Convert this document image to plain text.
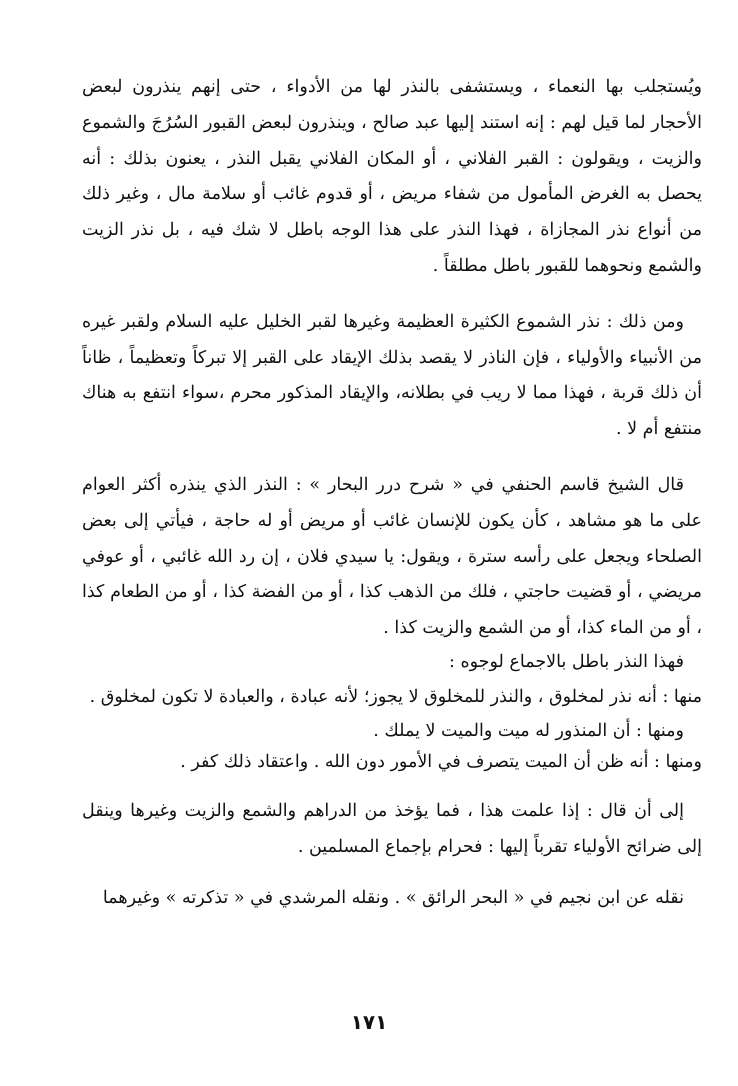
ويُستجلب بها النعماء ، ويستشفى بالنذر لها من الأدواء ، حتى إنهم ينذرون لبعض الأحجار لما قيل لهم : إنه استند إليها عبد صالح ، وينذرون لبعض القبور السُرُجَ والشموع والزيت ، ويقولون : القبر الفلاني ، أو المكان الفلاني يقبل النذر ، يعنون بذلك : أنه يحصل به الغرض المأمول من شفاء مريض ، أو قدوم غائب أو سلامة مال ، وغير ذلك من أنواع نذر المجازاة ، فهذا النذر على هذا الوجه باطل لا شك فيه ، بل نذر الزيت والشمع ونحوهما للقبور باطل مطلقاً .

ومن ذلك : نذر الشموع الكثيرة العظيمة وغيرها لقبر الخليل عليه السلام ولقبر غيره من الأنبياء والأولياء ، فإن الناذر لا يقصد بذلك الإيقاد على القبر إلا تبركاً وتعظيماً ، ظاناً أن ذلك قربة ، فهذا مما لا ريب في بطلانه، والإيقاد المذكور محرم ،سواء انتفع به هناك منتفع أم لا .

قال الشيخ قاسم الحنفي في « شرح درر البحار » : النذر الذي ينذره أكثر العوام على ما هو مشاهد ، كأن يكون للإنسان غائب أو مريض أو له حاجة ، فيأتي إلى بعض الصلحاء ويجعل على رأسه سترة ، ويقول: يا سيدي فلان ، إن رد الله غائبي ، أو عوفي مريضي ، أو قضيت حاجتي ، فلك من الذهب كذا ، أو من الفضة كذا ، أو من الطعام كذا ، أو من الماء كذا، أو من الشمع والزيت كذا .

فهذا النذر باطل بالاجماع لوجوه :

منها : أنه نذر لمخلوق ، والنذر للمخلوق لا يجوز؛ لأنه عبادة ، والعبادة لا تكون لمخلوق .

ومنها : أن المنذور له ميت والميت لا يملك .

ومنها : أنه ظن أن الميت يتصرف في الأمور دون الله . واعتقاد ذلك كفر .

إلى أن قال : إذا علمت هذا ، فما يؤخذ من الدراهم والشمع والزيت وغيرها وينقل إلى ضرائح الأولياء تقرباً إليها : فحرام بإجماع المسلمين .

نقله عن ابن نجيم في « البحر الرائق » . ونقله المرشدي في « تذكرته » وغيرهما

١٧١
